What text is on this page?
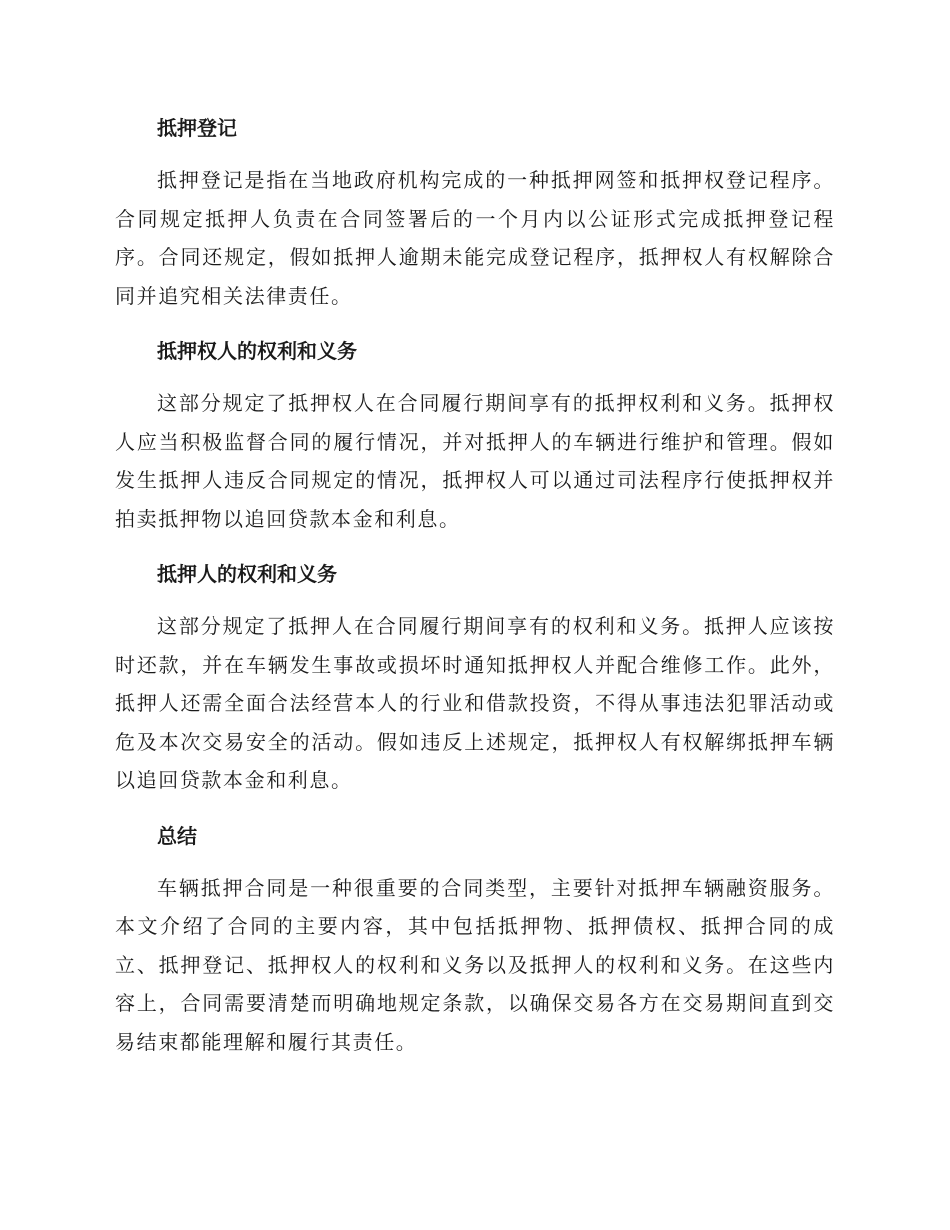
抵押登记

抵押登记是指在当地政府机构完成的一种抵押网签和抵押权登记程序。合同规定抵押人负责在合同签署后的一个月内以公证形式完成抵押登记程序。合同还规定，假如抵押人逾期未能完成登记程序，抵押权人有权解除合同并追究相关法律责任。

抵押权人的权利和义务

这部分规定了抵押权人在合同履行期间享有的抵押权利和义务。抵押权人应当积极监督合同的履行情况，并对抵押人的车辆进行维护和管理。假如发生抵押人违反合同规定的情况，抵押权人可以通过司法程序行使抵押权并拍卖抵押物以追回贷款本金和利息。

抵押人的权利和义务

这部分规定了抵押人在合同履行期间享有的权利和义务。抵押人应该按时还款，并在车辆发生事故或损坏时通知抵押权人并配合维修工作。此外，抵押人还需全面合法经营本人的行业和借款投资，不得从事违法犯罪活动或危及本次交易安全的活动。假如违反上述规定，抵押权人有权解绑抵押车辆以追回贷款本金和利息。

总结

车辆抵押合同是一种很重要的合同类型，主要针对抵押车辆融资服务。本文介绍了合同的主要内容，其中包括抵押物、抵押债权、抵押合同的成立、抵押登记、抵押权人的权利和义务以及抵押人的权利和义务。在这些内容上，合同需要清楚而明确地规定条款，以确保交易各方在交易期间直到交易结束都能理解和履行其责任。
